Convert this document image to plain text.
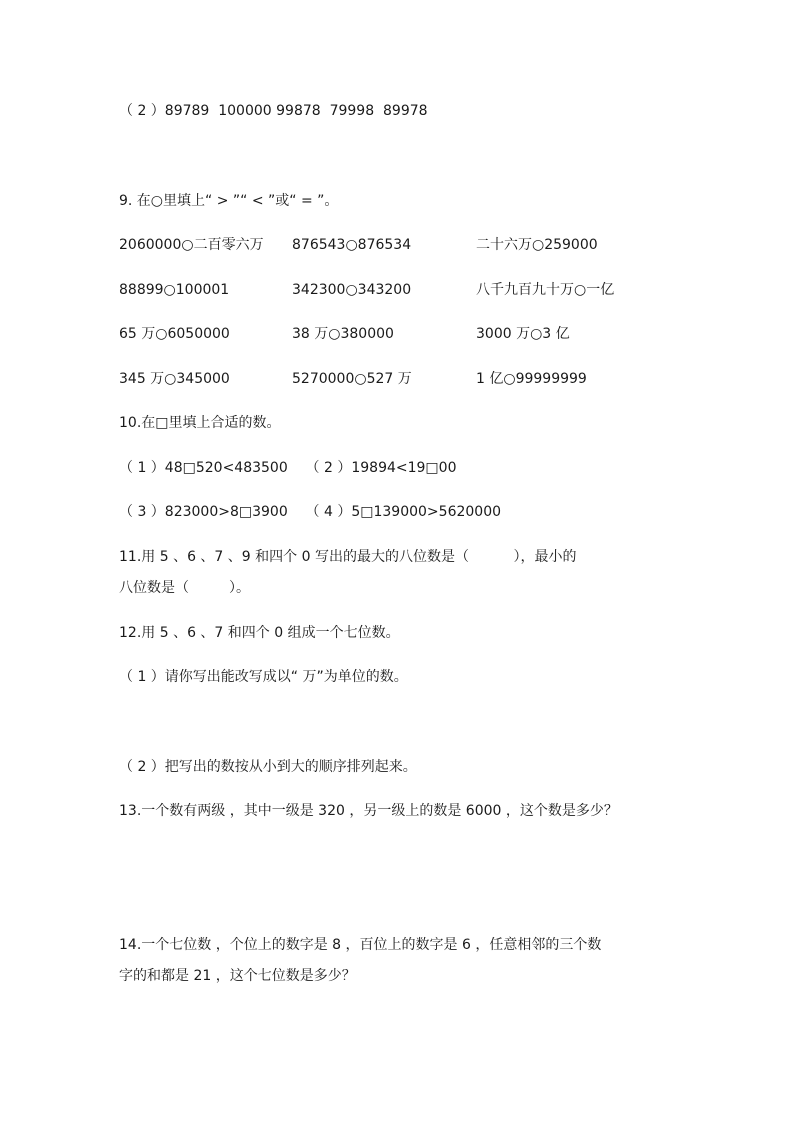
（ 2 ）89789  100000 99878  79998  89978

9. 在○里填上“ > ”“ < ”或“ = ”。

2060000○二百零六万 876543○876534	二十六万○259000
88899○100001	342300○343200	八千九百九十万○一亿
65 万○6050000	38 万○380000	3000 万○3 亿
345 万○345000	5270000○527 万	1 亿○99999999

10.在□里填上合适的数。

（ 1 ）48□520<483500    （ 2 ）19894<19□00

（ 3 ）823000>8□3900    （ 4 ）5□139000>5620000

11.用 5 、6 、7 、9 和四个 0 写出的最大的八位数是（          ），最小的

八位数是（         ）。

12.用 5 、6 、7 和四个 0 组成一个七位数。

（ 1 ）请你写出能改写成以“ 万”为单位的数。

（ 2 ）把写出的数按从小到大的顺序排列起来。

13.一个数有两级 ，其中一级是 320 ，另一级上的数是 6000 ，这个数是多少？

14.一个七位数 ，个位上的数字是 8 ，百位上的数字是 6 ，任意相邻的三个数

字的和都是 21 ，这个七位数是多少？
